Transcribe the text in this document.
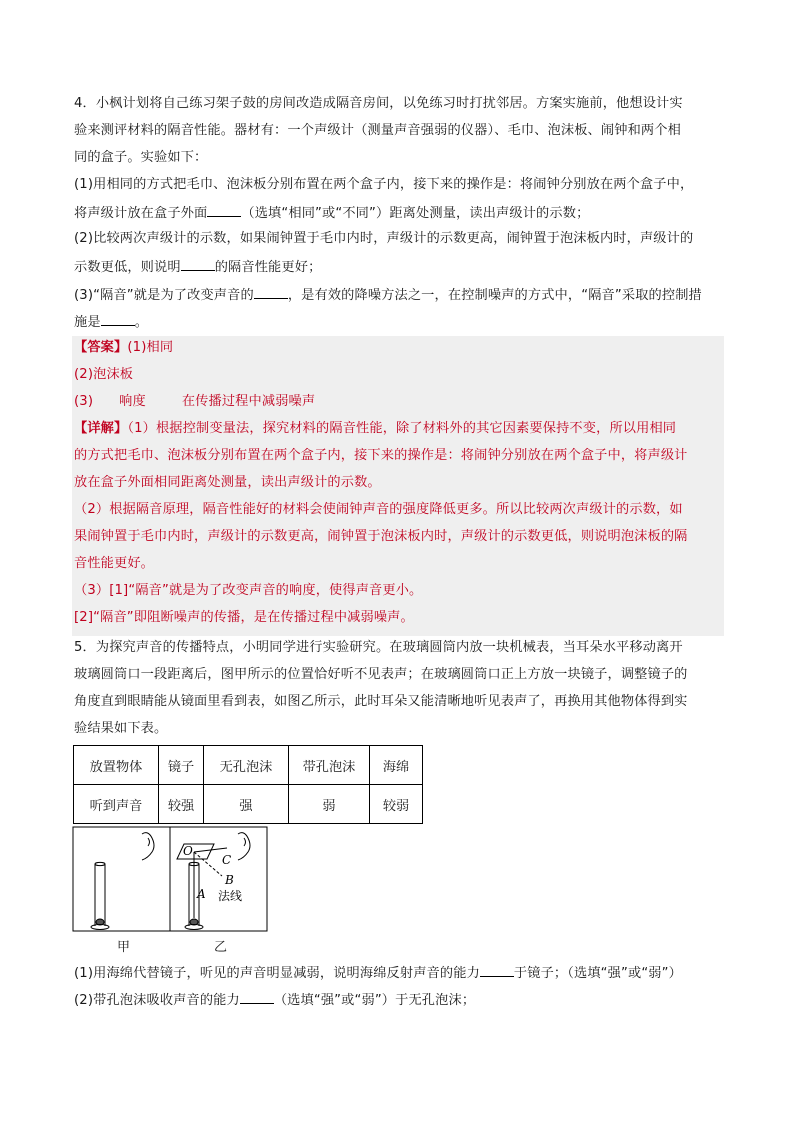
4．小枫计划将自己练习架子鼓的房间改造成隔音房间，以免练习时打扰邻居。方案实施前，他想设计实
验来测评材料的隔音性能。器材有：一个声级计（测量声音强弱的仪器）、毛巾、泡沫板、闹钟和两个相
同的盒子。实验如下：
(1)用相同的方式把毛巾、泡沫板分别布置在两个盒子内，接下来的操作是：将闹钟分别放在两个盒子中，
将声级计放在盒子外面	（选填“相同”或“不同”）距离处测量，读出声级计的示数；
(2)比较两次声级计的示数，如果闹钟置于毛巾内时，声级计的示数更高，闹钟置于泡沫板内时，声级计的
示数更低，则说明	的隔音性能更好；
(3)“隔音”就是为了改变声音的	，是有效的降噪方法之一，在控制噪声的方式中，“隔音”采取的控制措
施是	。
【答案】(1)相同
(2)泡沫板
(3) 响度	在传播过程中减弱噪声
【详解】（1）根据控制变量法，探究材料的隔音性能，除了材料外的其它因素要保持不变，所以用相同
的方式把毛巾、泡沫板分别布置在两个盒子内，接下来的操作是：将闹钟分别放在两个盒子中，将声级计
放在盒子外面相同距离处测量，读出声级计的示数。
（2）根据隔音原理，隔音性能好的材料会使闹钟声音的强度降低更多。所以比较两次声级计的示数，如
果闹钟置于毛巾内时，声级计的示数更高，闹钟置于泡沫板内时，声级计的示数更低，则说明泡沫板的隔
音性能更好。
（3）[1]“隔音”就是为了改变声音的响度，使得声音更小。
[2]“隔音”即阻断噪声的传播，是在传播过程中减弱噪声。
5．为探究声音的传播特点，小明同学进行实验研究。在玻璃圆筒内放一块机械表，当耳朵水平移动离开
玻璃圆筒口一段距离后，图甲所示的位置恰好听不见表声；在玻璃圆筒口正上方放一块镜子，调整镜子的
角度直到眼睛能从镜面里看到表，如图乙所示，此时耳朵又能清晰地听见表声了，再换用其他物体得到实
验结果如下表。
放置物体	镜子	无孔泡沫	带孔泡沫	海绵
听到声音	较强	强	弱	较弱
O
C
B
A 法线
甲	乙
(1)用海绵代替镜子，听见的声音明显减弱，说明海绵反射声音的能力	于镜子；（选填“强”或“弱”）
(2)带孔泡沫吸收声音的能力	（选填“强”或“弱”）于无孔泡沫；
